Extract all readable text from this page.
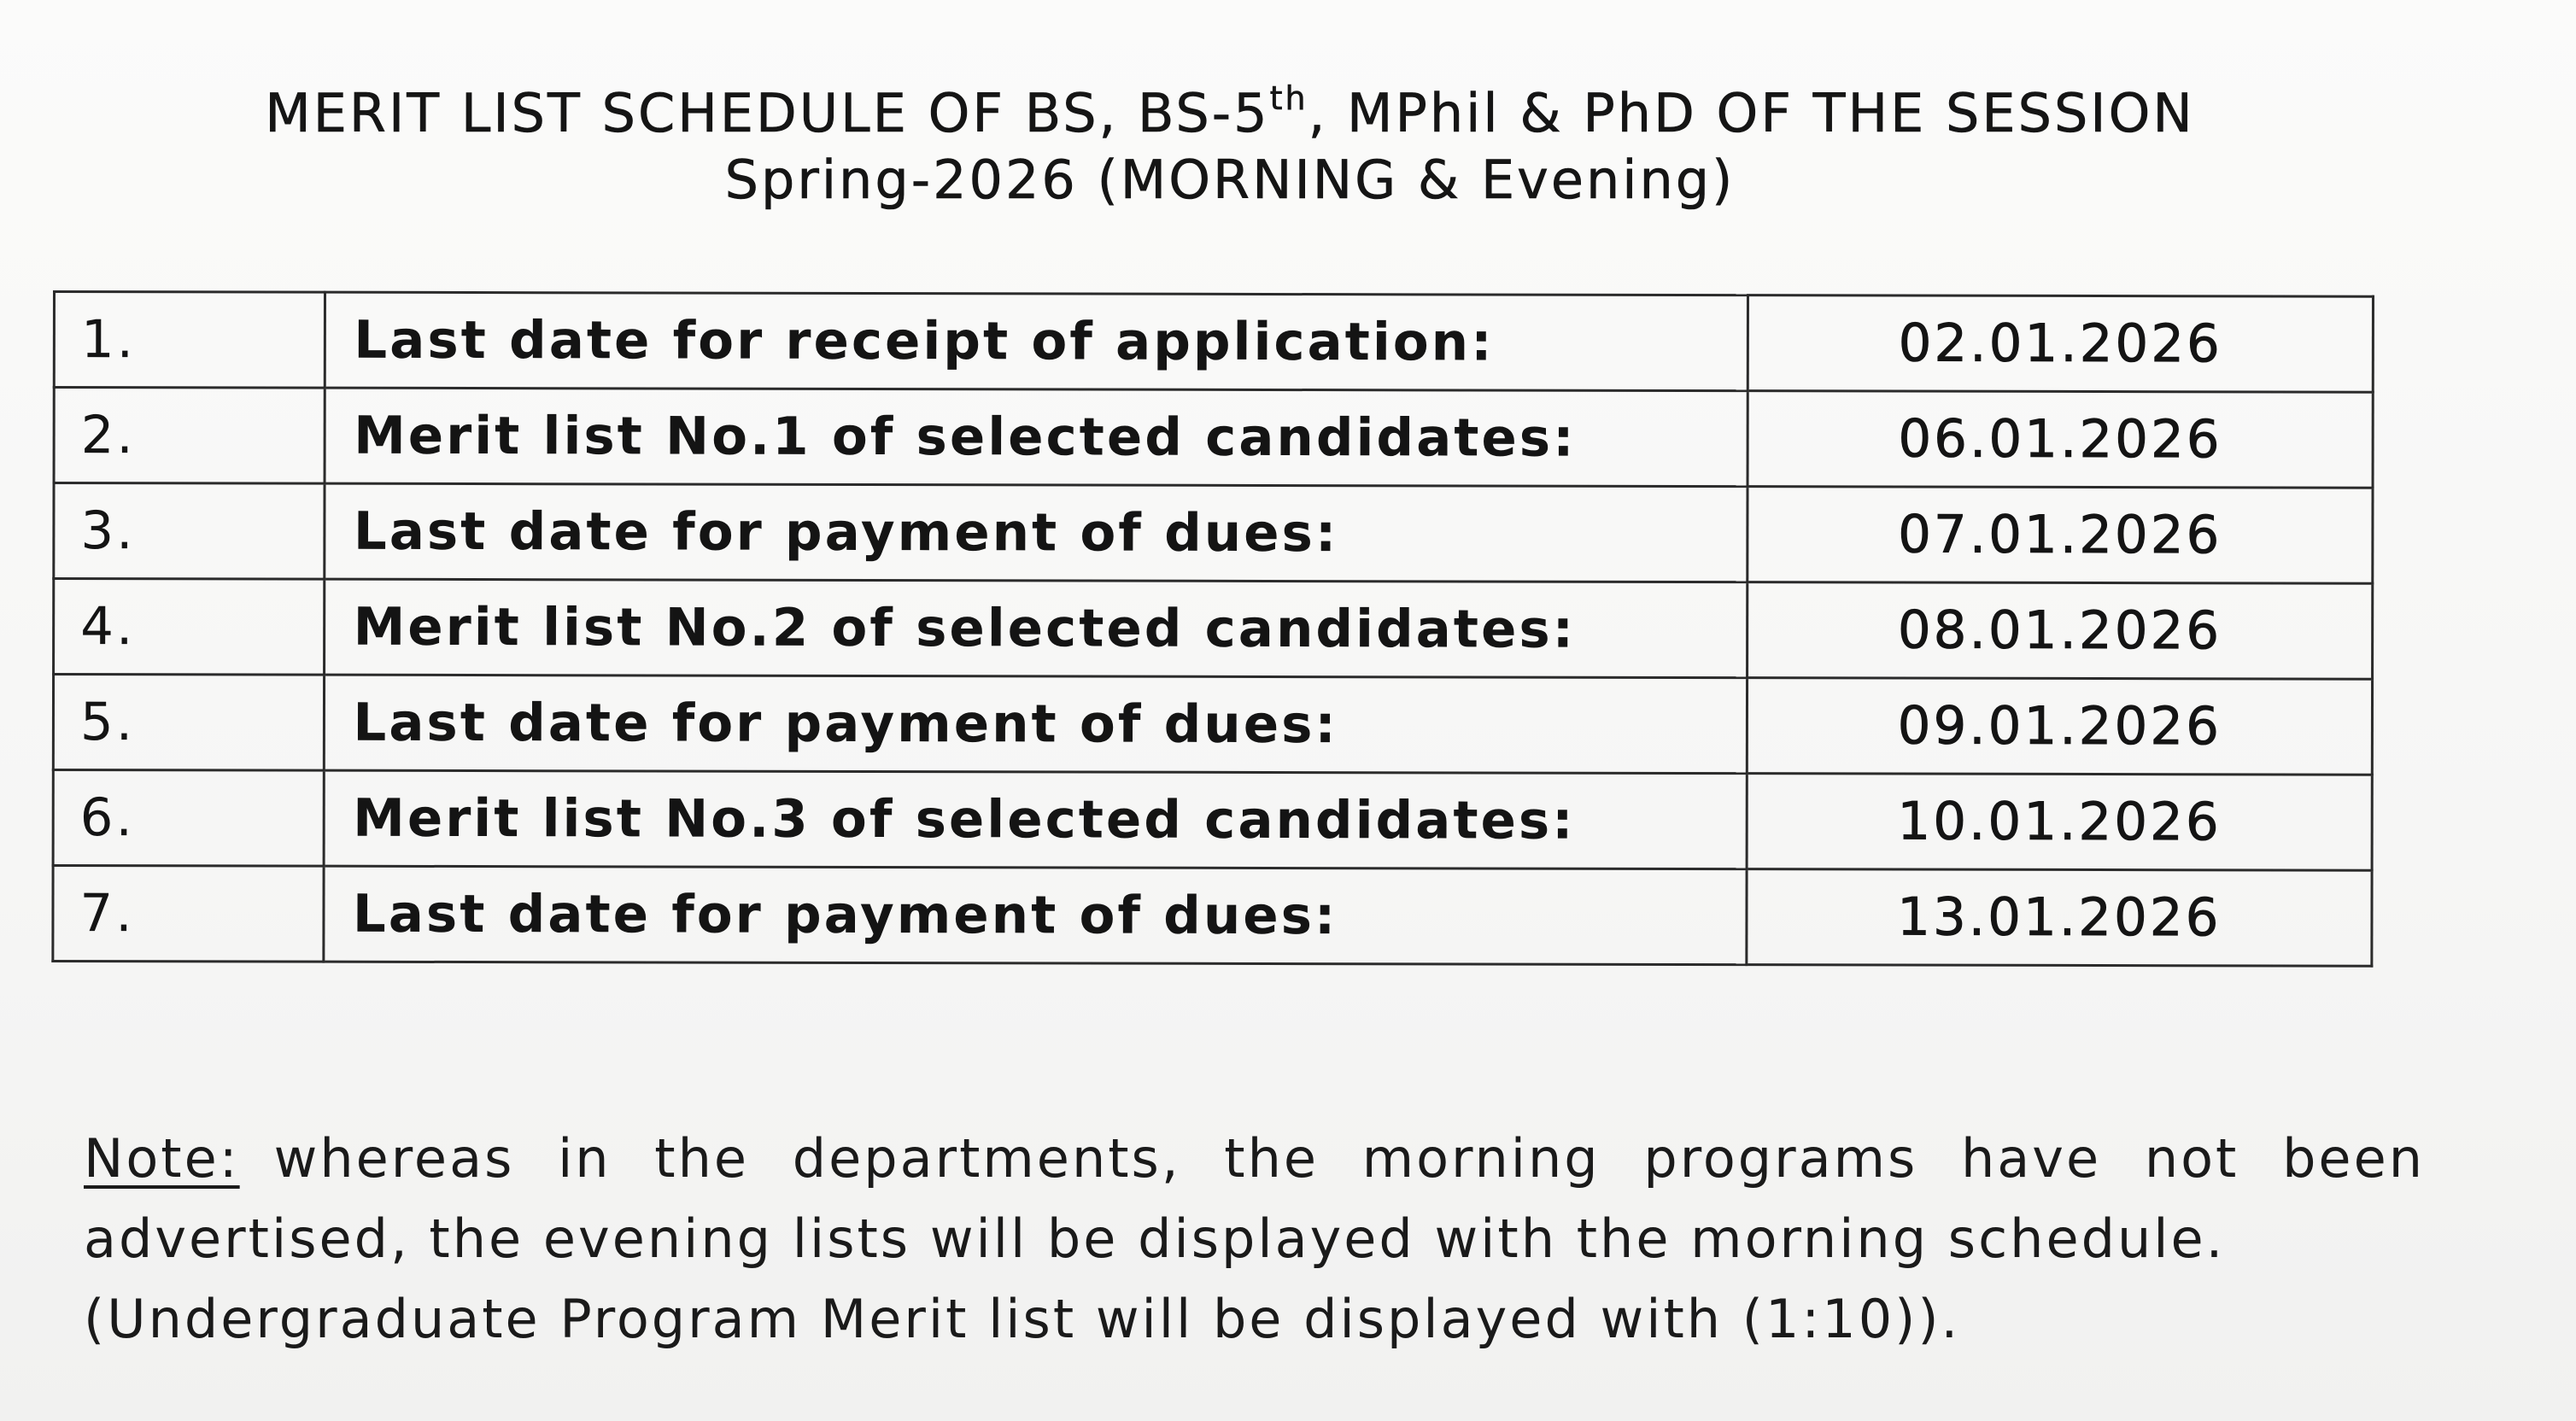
MERIT LIST SCHEDULE OF BS, BS-5th, MPhil & PhD OF THE SESSION
Spring-2026 (MORNING & Evening)
1.	Last date for receipt of application:	02.01.2026
2.	Merit list No.1 of selected candidates:	06.01.2026
3.	Last date for payment of dues:	07.01.2026
4.	Merit list No.2 of selected candidates:	08.01.2026
5.	Last date for payment of dues:	09.01.2026
6.	Merit list No.3 of selected candidates:	10.01.2026
7.	Last date for payment of dues:	13.01.2026
Note: whereas in the departments, the morning programs have not been
advertised, the evening lists will be displayed with the morning schedule.
(Undergraduate Program Merit list will be displayed with (1:10)).
